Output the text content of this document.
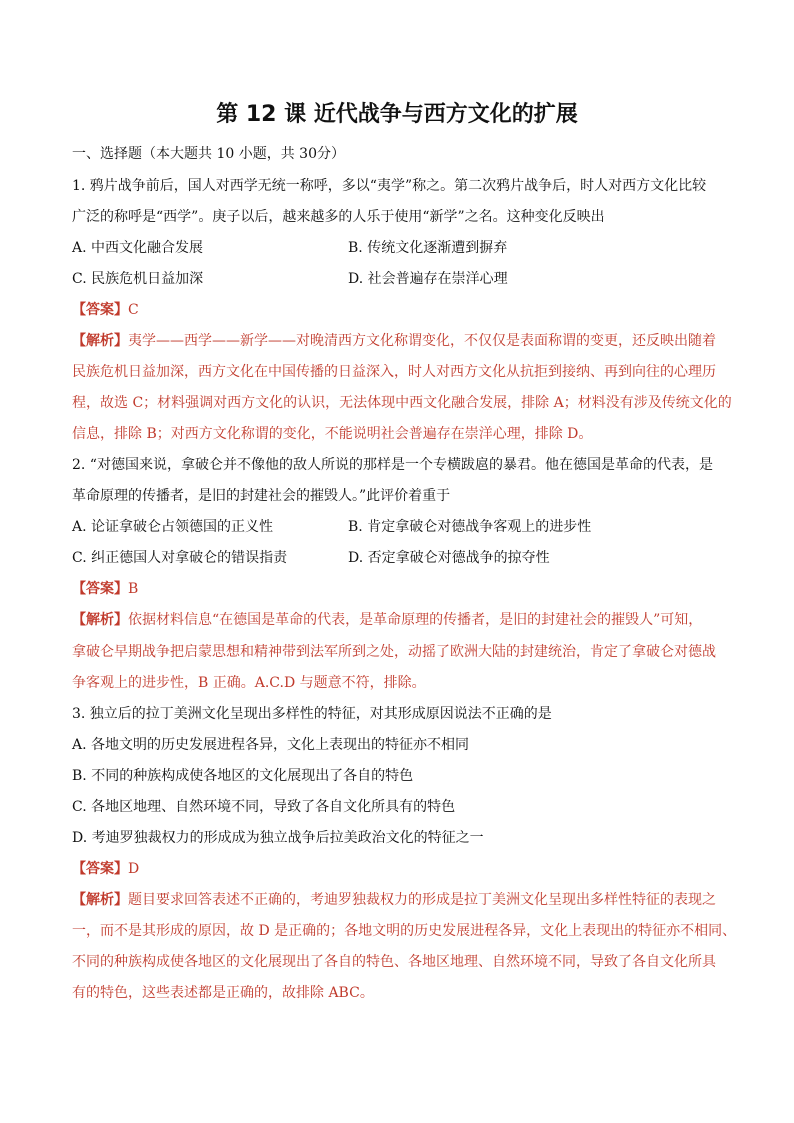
第 12 课 近代战争与西方文化的扩展
一、选择题（本大题共 10 小题，共 30分）
1. 鸦片战争前后，国人对西学无统一称呼，多以“夷学”称之。第二次鸦片战争后，时人对西方文化比较
广泛的称呼是“西学”。庚子以后，越来越多的人乐于使用“新学”之名。这种变化反映出
A. 中西文化融合发展	B. 传统文化逐渐遭到摒弃
C. 民族危机日益加深	D. 社会普遍存在崇洋心理
【答案】C
【解析】夷学——西学——新学——对晚清西方文化称谓变化，不仅仅是表面称谓的变更，还反映出随着
民族危机日益加深，西方文化在中国传播的日益深入，时人对西方文化从抗拒到接纳、再到向往的心理历
程，故选 C；材料强调对西方文化的认识，无法体现中西文化融合发展，排除 A；材料没有涉及传统文化的
信息，排除 B；对西方文化称谓的变化，不能说明社会普遍存在崇洋心理，排除 D。
2. “对德国来说，拿破仑并不像他的敌人所说的那样是一个专横跋扈的暴君。他在德国是革命的代表，是
革命原理的传播者，是旧的封建社会的摧毁人。”此评价着重于
A. 论证拿破仑占领德国的正义性	B. 肯定拿破仑对德战争客观上的进步性
C. 纠正德国人对拿破仑的错误指责	D. 否定拿破仑对德战争的掠夺性
【答案】B
【解析】依据材料信息“在德国是革命的代表，是革命原理的传播者，是旧的封建社会的摧毁人”可知，
拿破仑早期战争把启蒙思想和精神带到法军所到之处，动摇了欧洲大陆的封建统治，肯定了拿破仑对德战
争客观上的进步性，B 正确。A.C.D 与题意不符，排除。
3. 独立后的拉丁美洲文化呈现出多样性的特征，对其形成原因说法不正确的是
A. 各地文明的历史发展进程各异，文化上表现出的特征亦不相同
B. 不同的种族构成使各地区的文化展现出了各自的特色
C. 各地区地理、自然环境不同，导致了各自文化所具有的特色
D. 考迪罗独裁权力的形成成为独立战争后拉美政治文化的特征之一
【答案】D
【解析】题目要求回答表述不正确的，考迪罗独裁权力的形成是拉丁美洲文化呈现出多样性特征的表现之
一，而不是其形成的原因，故 D 是正确的；各地文明的历史发展进程各异，文化上表现出的特征亦不相同、
不同的种族构成使各地区的文化展现出了各自的特色、各地区地理、自然环境不同，导致了各自文化所具
有的特色，这些表述都是正确的，故排除 ABC。
